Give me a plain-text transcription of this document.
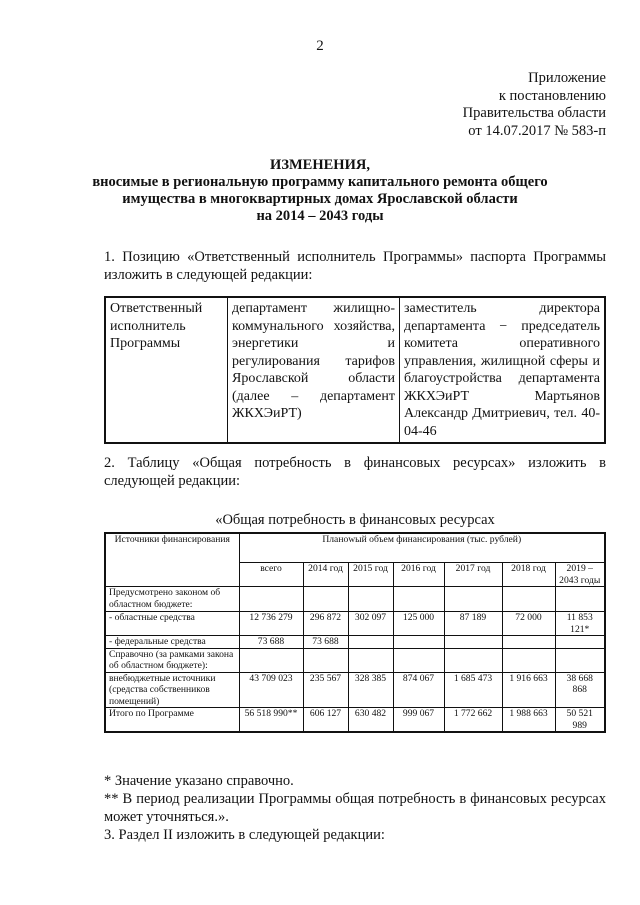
2
Приложение
к постановлению
Правительства области
от 14.07.2017 № 583-п
ИЗМЕНЕНИЯ,
вносимые в региональную программу капитального ремонта общего
имущества в многоквартирных домах Ярославской области
на 2014 – 2043 годы
1. Позицию «Ответственный исполнитель Программы» паспорта Программы изложить в следующей редакции:
Ответственный исполнитель Программы	департамент жилищно-коммунального хозяйства, энергетики и регулирования тарифов Ярославской области (далее – департамент ЖКХЭиРТ)	заместитель директора департамента − председатель комитета оперативного управления, жилищной сферы и благоустройства департамента ЖКХЭиРТ Мартьянов Александр Дмитриевич, тел. 40-04-46
2. Таблицу «Общая потребность в финансовых ресурсах» изложить в следующей редакции:
«Общая потребность в финансовых ресурсах
Источники финансирования	Планowый объем финансирования (тыс. рублей)						
	всего	2014 год	2015 год	2016 год	2017 год	2018 год	2019 – 2043 годы
Предусмотрено законом об областном бюджете:							
- областные средства	12 736 279	296 872	302 097	125 000	87 189	72 000	11 853 121*
- федеральные средства	73 688	73 688					
Справочно (за рамками закона об областном бюджете):							
внебюджетные источники (средства собственников помещений)	43 709 023	235 567	328 385	874 067	1 685 473	1 916 663	38 668 868
Итого по Программе	56 518 990**	606 127	630 482	999 067	1 772 662	1 988 663	50 521 989
* Значение указано справочно.
** В период реализации Программы общая потребность в финансовых ресурсах может уточняться.».
3. Раздел II изложить в следующей редакции:
